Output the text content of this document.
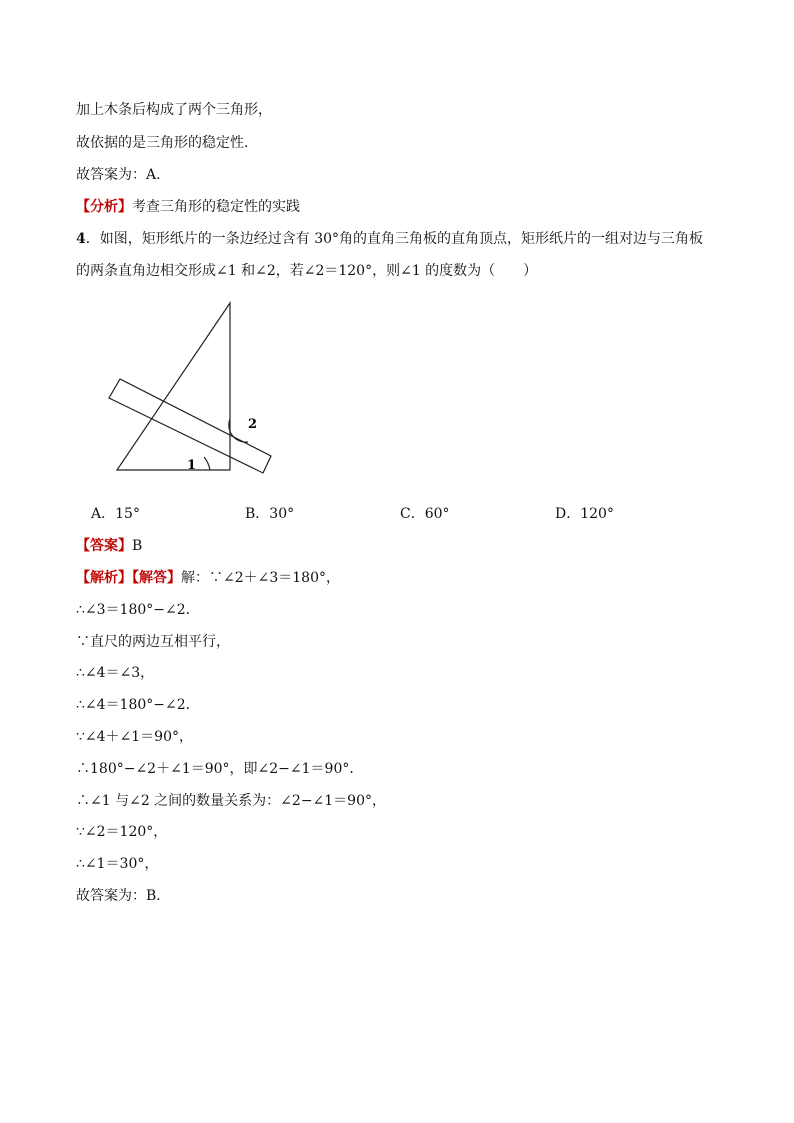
加上木条后构成了两个三角形，

故依据的是三角形的稳定性.

故答案为：A.

【分析】考查三角形的稳定性的实践

4．如图，矩形纸片的一条边经过含有 30°角的直角三角板的直角顶点，矩形纸片的一组对边与三角板

的两条直角边相交形成∠1 和∠2，若∠2＝120°，则∠1 的度数为（　　）

1
2
A．15°	B．30°	C．60°	D．120°

【答案】B

【解析】【解答】解：∵∠2＋∠3＝180°，

∴∠3＝180°−∠2．

∵直尺的两边互相平行，

∴∠4＝∠3，

∴∠4＝180°−∠2．

∵∠4＋∠1＝90°，

∴180°−∠2＋∠1＝90°，即∠2−∠1＝90°．

∴∠1 与∠2 之间的数量关系为：∠2−∠1＝90°，

∵∠2＝120°，

∴∠1＝30°，

故答案为：B．
